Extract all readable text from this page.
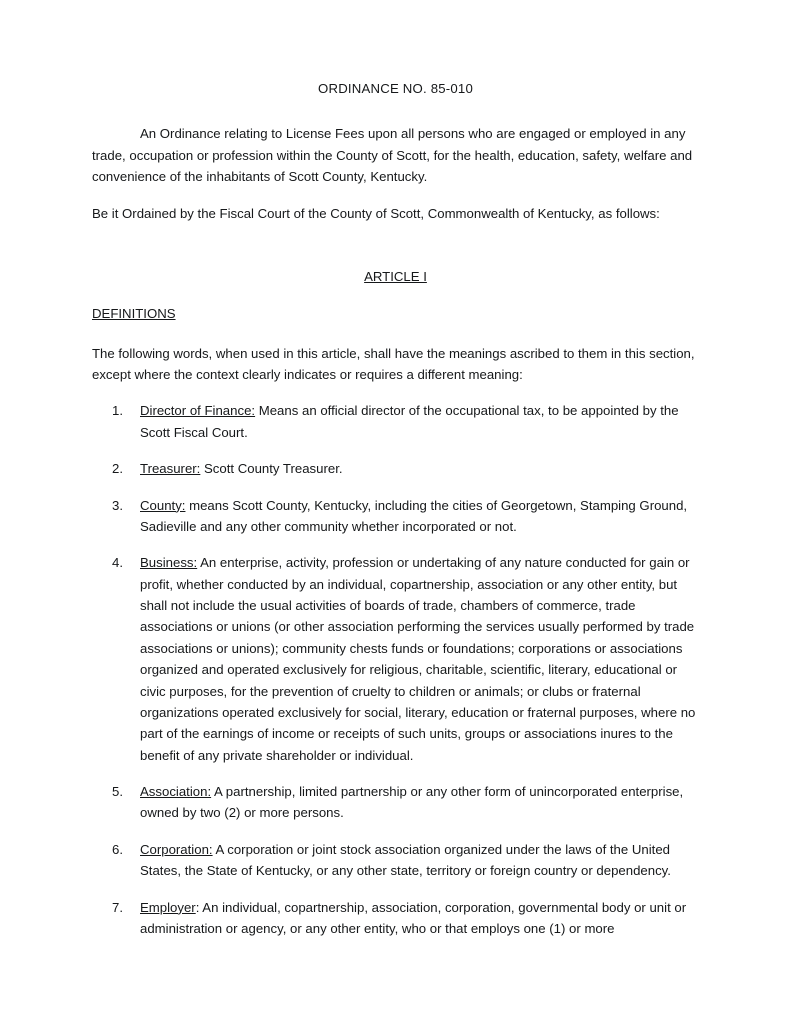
ORDINANCE NO. 85-010

An Ordinance relating to License Fees upon all persons who are engaged or employed in any trade, occupation or profession within the County of Scott, for the health, education, safety, welfare and convenience of the inhabitants of Scott County, Kentucky.

Be it Ordained by the Fiscal Court of the County of Scott, Commonwealth of Kentucky, as follows:

ARTICLE I
DEFINITIONS

The following words, when used in this article, shall have the meanings ascribed to them in this section, except where the context clearly indicates or requires a different meaning:

Director of Finance: Means an official director of the occupational tax, to be appointed by the Scott Fiscal Court.
Treasurer: Scott County Treasurer.
County: means Scott County, Kentucky, including the cities of Georgetown, Stamping Ground, Sadieville and any other community whether incorporated or not.
Business: An enterprise, activity, profession or undertaking of any nature conducted for gain or profit, whether conducted by an individual, copartnership, association or any other entity, but shall not include the usual activities of boards of trade, chambers of commerce, trade associations or unions (or other association performing the services usually performed by trade associations or unions); community chests funds or foundations; corporations or associations organized and operated exclusively for religious, charitable, scientific, literary, educational or civic purposes, for the prevention of cruelty to children or animals; or clubs or fraternal organizations operated exclusively for social, literary, education or fraternal purposes, where no part of the earnings of income or receipts of such units, groups or associations inures to the benefit of any private shareholder or individual.
Association: A partnership, limited partnership or any other form of unincorporated enterprise, owned by two (2) or more persons.
Corporation: A corporation or joint stock association organized under the laws of the United States, the State of Kentucky, or any other state, territory or foreign country or dependency.
Employer: An individual, copartnership, association, corporation, governmental body or unit or administration or agency, or any other entity, who or that employs one (1) or more
